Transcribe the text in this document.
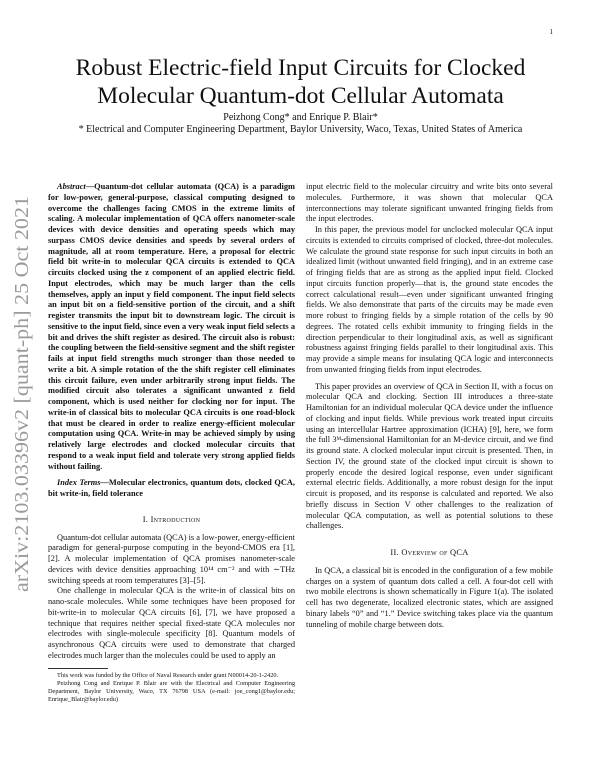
1
arXiv:2103.03396v2 [quant-ph] 25 Oct 2021
Robust Electric-field Input Circuits for Clocked
Molecular Quantum-dot Cellular Automata
Peizhong Cong* and Enrique P. Blair*
* Electrical and Computer Engineering Department, Baylor University, Waco, Texas, United States of America

Abstract—Quantum-dot cellular automata (QCA) is a paradigm for low-power, general-purpose, classical computing designed to overcome the challenges facing CMOS in the extreme limits of scaling. A molecular implementation of QCA offers nanometer-scale devices with device densities and operating speeds which may surpass CMOS device densities and speeds by several orders of magnitude, all at room temperature. Here, a proposal for electric field bit write-in to molecular QCA circuits is extended to QCA circuits clocked using the z component of an applied electric field. Input electrodes, which may be much larger than the cells themselves, apply an input y field component. The input field selects an input bit on a field-sensitive portion of the circuit, and a shift register transmits the input bit to downstream logic. The circuit is sensitive to the input field, since even a very weak input field selects a bit and drives the shift register as desired. The circuit also is robust: the coupling between the field-sensitive segment and the shift register fails at input field strengths much stronger than those needed to write a bit. A simple rotation of the the shift register cell eliminates this circuit failure, even under arbitrarily strong input fields. The modified circuit also tolerates a significant unwanted z field component, which is used neither for clocking nor for input. The write-in of classical bits to molecular QCA circuits is one road-block that must be cleared in order to realize energy-efficient molecular computation using QCA. Write-in may be achieved simply by using relatively large electrodes and clocked molecular circuits that respond to a weak input field and tolerate very strong applied fields without failing.

Index Terms—Molecular electronics, quantum dots, clocked QCA, bit write-in, field tolerance

I. Introduction

Quantum-dot cellular automata (QCA) is a low-power, energy-efficient paradigm for general-purpose computing in the beyond-CMOS era [1], [2]. A molecular implementation of QCA promises nanometer-scale devices with device densities approaching 10¹⁴ cm⁻² and with ∼THz switching speeds at room temperatures [3]–[5].

One challenge in molecular QCA is the write-in of classical bits on nano-scale molecules. While some techniques have been proposed for bit-write-in to molecular QCA circuits [6], [7], we have proposed a technique that requires neither special fixed-state QCA molecules nor electrodes with single-molecule specificity [8]. Quantum models of asynchronous QCA circuits were used to demonstrate that charged electrodes much larger than the molecules could be used to apply an

This work was funded by the Office of Naval Research under grant N00014-20-1-2420.

Peizhong Cong and Enrique P. Blair are with the Electrical and Computer Engineering Department, Baylor University, Waco, TX 76798 USA (e-mail: joe_cong1@baylor.edu; Enrique_Blair@baylor.edu)

input electric field to the molecular circuitry and write bits onto several molecules. Furthermore, it was shown that molecular QCA interconnections may tolerate significant unwanted fringing fields from the input electrodes.

In this paper, the previous model for unclocked molecular QCA input circuits is extended to circuits comprised of clocked, three-dot molecules. We calculate the ground state response for such input circuits in both an idealized limit (without unwanted field fringing), and in an extreme case of fringing fields that are as strong as the applied input field. Clocked input circuits function properly—that is, the ground state encodes the correct calculational result—even under significant unwanted fringing fields. We also demonstrate that parts of the circuits may be made even more robust to fringing fields by a simple rotation of the cells by 90 degrees. The rotated cells exhibit immunity to fringing fields in the direction perpendicular to their longitudinal axis, as well as significant robustness against fringing fields parallel to their longitudinal axis. This may provide a simple means for insulating QCA logic and interconnects from unwanted fringing fields from input electrodes.

This paper provides an overview of QCA in Section II, with a focus on molecular QCA and clocking. Section III introduces a three-state Hamiltonian for an individual molecular QCA device under the influence of clocking and input fields. While previous work treated input circuits using an intercellular Hartree approximation (ICHA) [9], here, we form the full 3ᴹ-dimensional Hamiltonian for an M-device circuit, and we find its ground state. A clocked molecular input circuit is presented. Then, in Section IV, the ground state of the clocked input circuit is shown to properly encode the desired logical response, even under significant external electric fields. Additionally, a more robust design for the input circuit is proposed, and its response is calculated and reported. We also briefly discuss in Section V other challenges to the realization of molecular QCA computation, as well as potential solutions to these challenges.

II. Overview of QCA

In QCA, a classical bit is encoded in the configuration of a few mobile charges on a system of quantum dots called a cell. A four-dot cell with two mobile electrons is shown schematically in Figure 1(a). The isolated cell has two degenerate, localized electronic states, which are assigned binary labels “0” and “1.” Device switching takes place via the quantum tunneling of mobile charge between dots.
